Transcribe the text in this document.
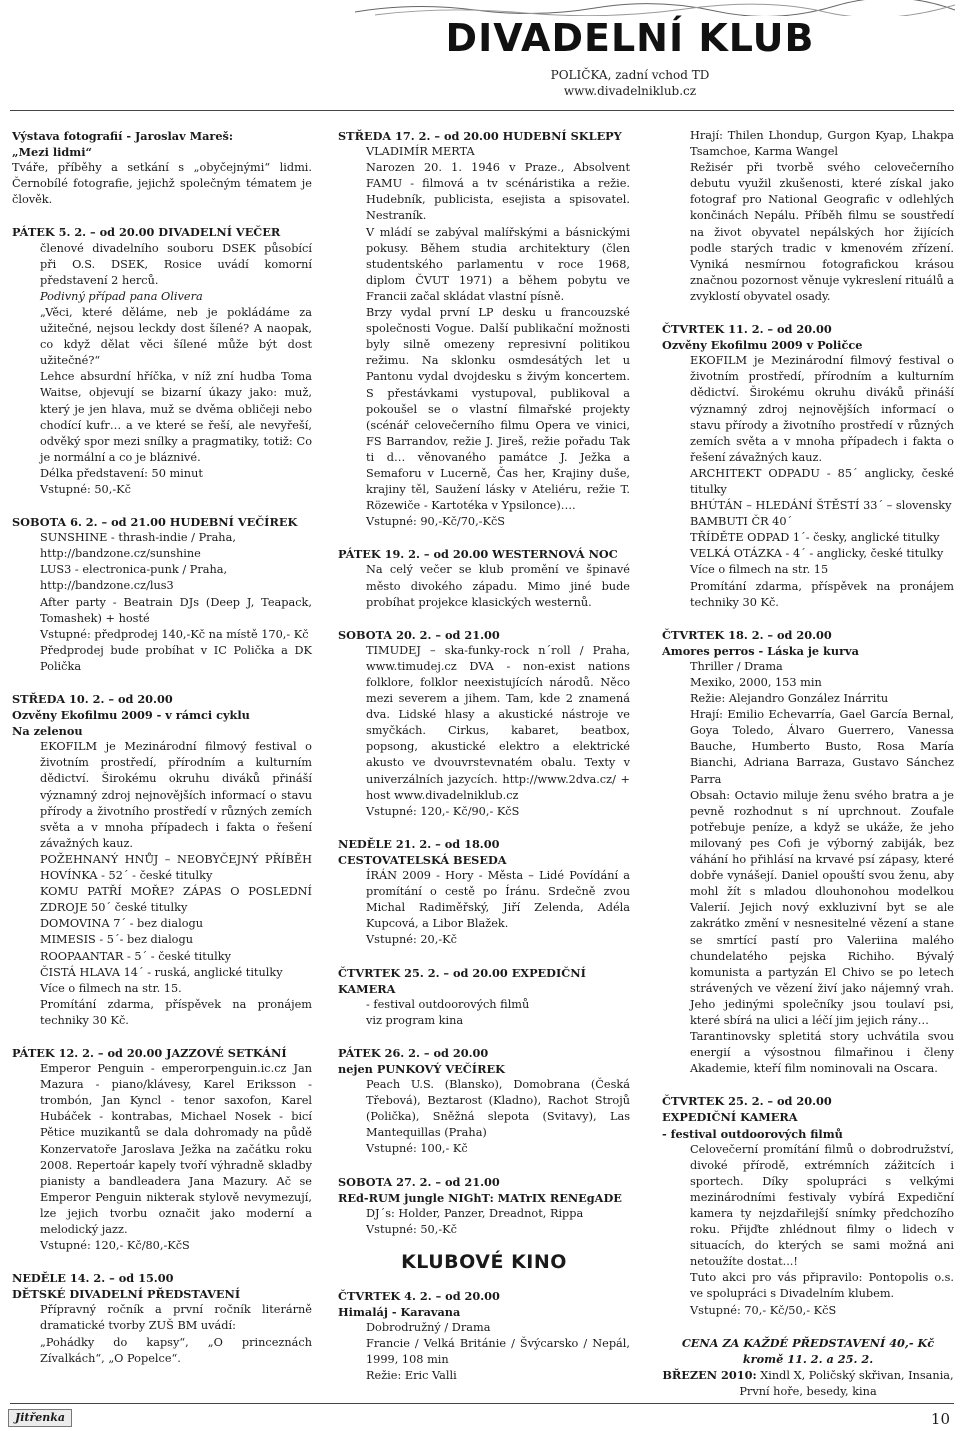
DIVADELNÍ KLUB
POLIČKA, zadní vchod TD
www.divadelniklub.cz

Výstava fotografií - Jaroslav Mareš:

„Mezi lidmi“

Tváře, příběhy a setkání s „obyčejnými“ lidmi. Černobílé fotografie, jejichž společným tématem je člověk.

PÁTEK 5. 2. – od 20.00 DIVADELNÍ VEČER

členové divadelního souboru DSEK působící při O.S. DSEK, Rosice uvádí komorní představení 2 herců.

Podivný případ pana Olivera

„Věci, které děláme, neb je pokládáme za užitečné, nejsou leckdy dost šílené? A naopak, co když dělat věci šílené může být dost užitečné?“

Lehce absurdní hříčka, v níž zní hudba Toma Waitse, objevují se bizarní úkazy jako: muž, který je jen hlava, muž se dvěma obličeji nebo chodící kufr… a ve které se řeší, ale nevyřeší, odvěký spor mezi snílky a pragmatiky, totiž: Co je normální a co je bláznivé.

Délka představení: 50 minut

Vstupné: 50,-Kč

SOBOTA 6. 2. – od 21.00 HUDEBNÍ VEČÍREK

SUNSHINE - thrash-indie / Praha,

http://bandzone.cz/sunshine

LUS3 - electronica-punk / Praha,

http://bandzone.cz/lus3

After party - Beatrain DJs (Deep J, Teapack, Tomashek) + hosté

Vstupné: předprodej 140,-Kč na místě 170,- Kč

Předprodej bude probíhat v IC Polička a DK Polička

STŘEDA 10. 2. – od 20.00

Ozvěny Ekofilmu 2009 - v rámci cyklu

Na zelenou

EKOFILM je Mezinárodní filmový festival o životním prostředí, přírodním a kulturním dědictví. Širokému okruhu diváků přináší významný zdroj nejnovějších informací o stavu přírody a životního prostředí v různých zemích světa a v mnoha případech i fakta o řešení závažných kauz.

POŽEHNANÝ HNŮJ – NEOBYČEJNÝ PŘÍBĚH HOVÍNKA - 52´ - české titulky

KOMU PATŘÍ MOŘE? ZÁPAS O POSLEDNÍ ZDROJE 50´ české titulky

DOMOVINA 7´ - bez dialogu

MIMESIS - 5´- bez dialogu

ROOPAANTAR - 5´ - české titulky

ČISTÁ HLAVA 14´ - ruská, anglické titulky

Více o filmech na str. 15.

Promítání zdarma, příspěvek na pronájem techniky 30 Kč.

PÁTEK 12. 2. – od 20.00 JAZZOVÉ SETKÁNÍ

Emperor Penguin - emperorpenguin.ic.cz Jan Mazura - piano/klávesy, Karel Eriksson - trombón, Jan Kyncl - tenor saxofon, Karel Hubáček - kontrabas, Michael Nosek - bicí Pětice muzikantů se dala dohromady na půdě Konzervatoře Jaroslava Ježka na začátku roku 2008. Repertoár kapely tvoří výhradně skladby pianisty a bandleadera Jana Mazury. Ač se Emperor Penguin nikterak stylově nevymezují, lze jejich tvorbu označit jako moderní a melodický jazz.

Vstupné: 120,- Kč/80,-KčS

NEDĚLE 14. 2. – od 15.00

DĚTSKÉ DIVADELNÍ PŘEDSTAVENÍ

Přípravný ročník a první ročník literárně dramatické tvorby ZUŠ BM uvádí:

„Pohádky do kapsy“, „O princeznách Zívalkách“, „O Popelce“.

STŘEDA 17. 2. – od 20.00 HUDEBNÍ SKLEPY

VLADIMÍR MERTA

Narozen 20. 1. 1946 v Praze., Absolvent FAMU - filmová a tv scénáristika a režie. Hudebník, publicista, esejista a spisovatel. Nestraník.

V mládí se zabýval malířskými a básnickými pokusy. Během studia architektury (člen studentského parlamentu v roce 1968, diplom ČVUT 1971) a během pobytu ve Francii začal skládat vlastní písně.

Brzy vydal první LP desku u francouzské společnosti Vogue. Další publikační možnosti byly silně omezeny represivní politikou režimu. Na sklonku osmdesátých let u Pantonu vydal dvojdesku s živým koncertem. S přestávkami vystupoval, publikoval a pokoušel se o vlastní filmařské projekty (scénář celovečerního filmu Opera ve vinici, FS Barrandov, režie J. Jireš, režie pořadu Tak ti d… věnovaného památce J. Ježka a Semaforu v Lucerně, Čas her, Krajiny duše, krajiny těl, Saužení lásky v Ateliéru, režie T. Rözewiče - Kartotéka v Ypsilonce)….

Vstupné: 90,-Kč/70,-KčS

PÁTEK 19. 2. – od 20.00 WESTERNOVÁ NOC

Na celý večer se klub promění ve špinavé město divokého západu. Mimo jiné bude probíhat projekce klasických westernů.

SOBOTA 20. 2. – od 21.00

TIMUDEJ – ska-funky-rock n´roll / Praha, www.timudej.cz DVA - non-exist nations folklore, folklor neexistujících národů. Něco mezi severem a jihem. Tam, kde 2 znamená dva. Lidské hlasy a akustické nástroje ve smyčkách. Cirkus, kabaret, beatbox, popsong, akustické elektro a elektrické akusto ve dvouvrstevnatém obalu. Texty v univerzálních jazycích. http://www.2dva.cz/ + host www.divadelniklub.cz

Vstupné: 120,- Kč/90,- KčS

NEDĚLE 21. 2. – od 18.00

CESTOVATELSKÁ BESEDA

ÍRÁN 2009 - Hory - Města – Lidé Povídání a promítání o cestě po Íránu. Srdečně zvou Michal Radiměřský, Jiří Zelenda, Adéla Kupcová, a Libor Blažek.

Vstupné: 20,-Kč

ČTVRTEK 25. 2. – od 20.00 EXPEDIČNÍ KAMERA

- festival outdoorových filmů

viz program kina

PÁTEK 26. 2. – od 20.00

nejen PUNKOVÝ VEČÍREK

Peach U.S. (Blansko), Domobrana (Česká Třebová), Beztarost (Kladno), Rachot Strojů (Polička), Sněžná slepota (Svitavy), Las Mantequillas (Praha)

Vstupné: 100,- Kč

SOBOTA 27. 2. – od 21.00

REd-RUM jungle NIGhT: MATrIX RENEgADE

DJ´s: Holder, Panzer, Dreadnot, Rippa

Vstupné: 50,-Kč

KLUBOVÉ KINO

ČTVRTEK 4. 2. – od 20.00

Himaláj - Karavana

Dobrodružný / Drama

Francie / Velká Británie / Švýcarsko / Nepál, 1999, 108 min

Režie: Eric Valli

Hrají: Thilen Lhondup, Gurgon Kyap, Lhakpa Tsamchoe, Karma Wangel

Režisér při tvorbě svého celovečerního debutu využil zkušenosti, které získal jako fotograf pro National Geografic v odlehlých končinách Nepálu. Příběh filmu se soustředí na život obyvatel nepálských hor žijících podle starých tradic v kmenovém zřízení. Vyniká nesmírnou fotografickou krásou značnou pozornost věnuje vykreslení rituálů a zvyklostí obyvatel osady.

ČTVRTEK 11. 2. – od 20.00

Ozvěny Ekofilmu 2009 v Poličce

EKOFILM je Mezinárodní filmový festival o životním prostředí, přírodním a kulturním dědictví. Širokému okruhu diváků přináší významný zdroj nejnovějších informací o stavu přírody a životního prostředí v různých zemích světa a v mnoha případech i fakta o řešení závažných kauz.

ARCHITEKT ODPADU - 85´ anglicky, české titulky

BHÚTÁN – HLEDÁNÍ ŠTĚSTÍ 33´ – slovensky

BAMBUTI ČR 40´

TŘÍDĚTE ODPAD 1´- česky, anglické titulky

VELKÁ OTÁZKA - 4´ - anglicky, české titulky

Více o filmech na str. 15

Promítání zdarma, příspěvek na pronájem techniky 30 Kč.

ČTVRTEK 18. 2. – od 20.00

Amores perros - Láska je kurva

Thriller / Drama

Mexiko, 2000, 153 min

Režie: Alejandro González Inárritu

Hrají: Emilio Echevarría, Gael García Bernal, Goya Toledo, Álvaro Guerrero, Vanessa Bauche, Humberto Busto, Rosa María Bianchi, Adriana Barraza, Gustavo Sánchez Parra

Obsah: Octavio miluje ženu svého bratra a je pevně rozhodnut s ní uprchnout. Zoufale potřebuje peníze, a když se ukáže, že jeho milovaný pes Cofi je výborný zabiják, bez váhání ho přihlásí na krvavé psí zápasy, které dobře vynášejí. Daniel opouští svou ženu, aby mohl žít s mladou dlouhonohou modelkou Valerií. Jejich nový exkluzivní byt se ale zakrátko změní v nesnesitelné vězení a stane se smrtící pastí pro Valeriina malého chundelatého pejska Richiho. Bývalý komunista a partyzán El Chivo se po letech strávených ve vězení živí jako nájemný vrah. Jeho jedinými společníky jsou toulaví psi, které sbírá na ulici a léčí jim jejich rány…

Tarantinovsky spletitá story uchvátila svou energií a výsostnou filmařinou i členy Akademie, kteří film nominovali na Oscara.

ČTVRTEK 25. 2. – od 20.00

EXPEDIČNÍ KAMERA

- festival outdoorových filmů

Celovečerní promítání filmů o dobrodružství, divoké přírodě, extrémních zážitcích i sportech. Díky spolupráci s velkými mezinárodními festivaly vybírá Expediční kamera ty nejzdařilejší snímky předchozího roku. Přijďte zhlédnout filmy o lidech v situacích, do kterých se sami možná ani netoužíte dostat...!

Tuto akci pro vás připravilo: Pontopolis o.s. ve spolupráci s Divadelním klubem.

Vstupné: 70,- Kč/50,- KčS

CENA ZA KAŽDÉ PŘEDSTAVENÍ 40,- Kč

kromě 11. 2. a 25. 2.

BŘEZEN 2010: Xindl X, Poličský skřivan, Insania, První hoře, besedy, kina

Jitřenka	10
